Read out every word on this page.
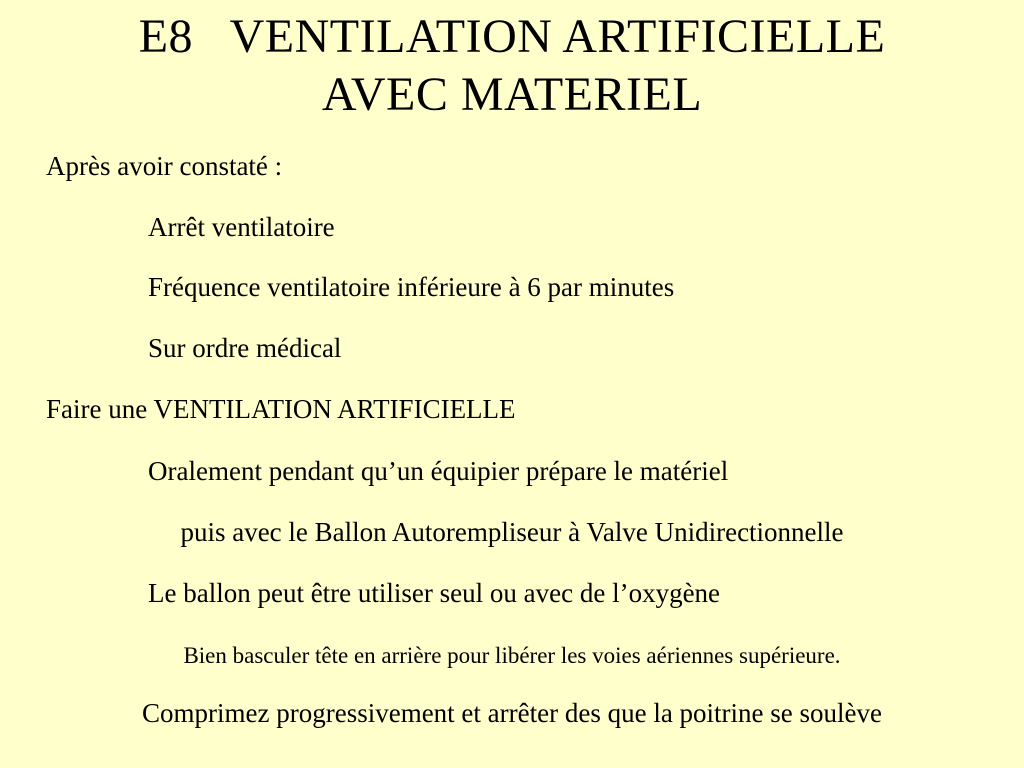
E8   VENTILATION ARTIFICIELLE
AVEC MATERIEL
Après avoir constaté :
Arrêt ventilatoire
Fréquence ventilatoire inférieure à 6 par minutes
Sur ordre médical
Faire une VENTILATION ARTIFICIELLE
Oralement pendant qu’un équipier prépare le matériel
puis avec le Ballon Autorempliseur à Valve Unidirectionnelle
Le ballon peut être utiliser seul ou avec de l’oxygène
Bien basculer tête en arrière pour libérer les voies aériennes supérieure.
Comprimez progressivement et arrêter des que la poitrine se soulève
